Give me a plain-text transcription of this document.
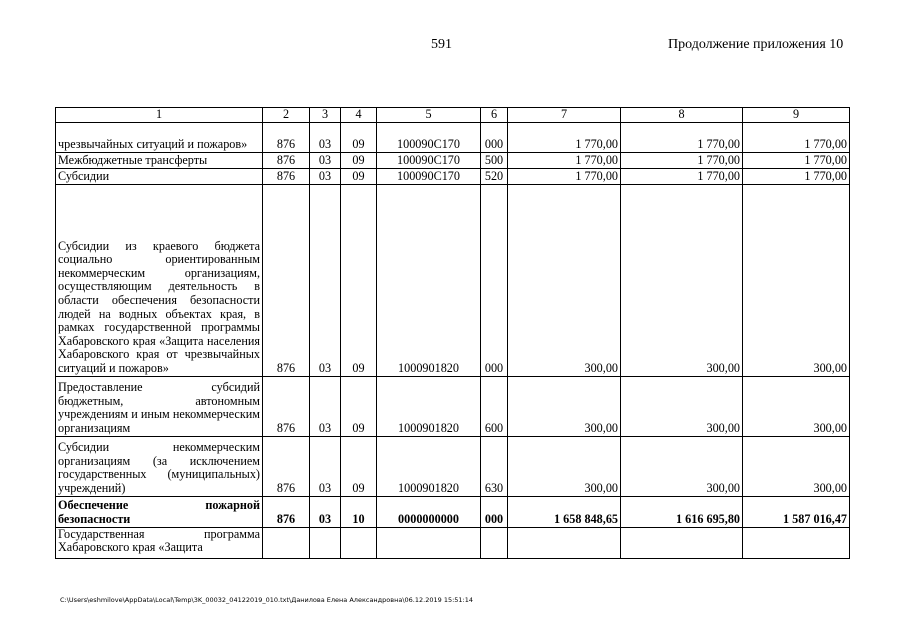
591	Продолжение приложения 10
1	2	3	4	5	6	7	8	9
чрезвычайных ситуаций и пожаров»	876	03	09	100090С170	000	1 770,00	1 770,00	1 770,00
Межбюджетные трансферты	876	03	09	100090С170	500	1 770,00	1 770,00	1 770,00
Субсидии	876	03	09	100090С170	520	1 770,00	1 770,00	1 770,00
Субсидии из краевого бюджета социально ориентированным некоммерческим организациям, осуществляющим деятельность в области обеспечения безопасности людей на водных объектах края, в рамках государственной программы Хабаровского края «Защита населения Хабаровского края от чрезвычайных ситуаций и пожаров»	876	03	09	1000901820	000	300,00	300,00	300,00
Предоставление субсидий бюджетным, автономным учреждениям и иным некоммерческим организациям	876	03	09	1000901820	600	300,00	300,00	300,00
Субсидии некоммерческим организациям (за исключением государственных (муниципальных) учреждений)	876	03	09	1000901820	630	300,00	300,00	300,00
Обеспечение пожарной безопасности	876	03	10	0000000000	000	1 658 848,65	1 616 695,80	1 587 016,47
Государственная программа Хабаровского края «Защита								
C:\Users\eshmilove\AppData\Local\Temp\3K_00032_04122019_010.txt\Данилова Елена Александровна\06.12.2019 15:51:14
